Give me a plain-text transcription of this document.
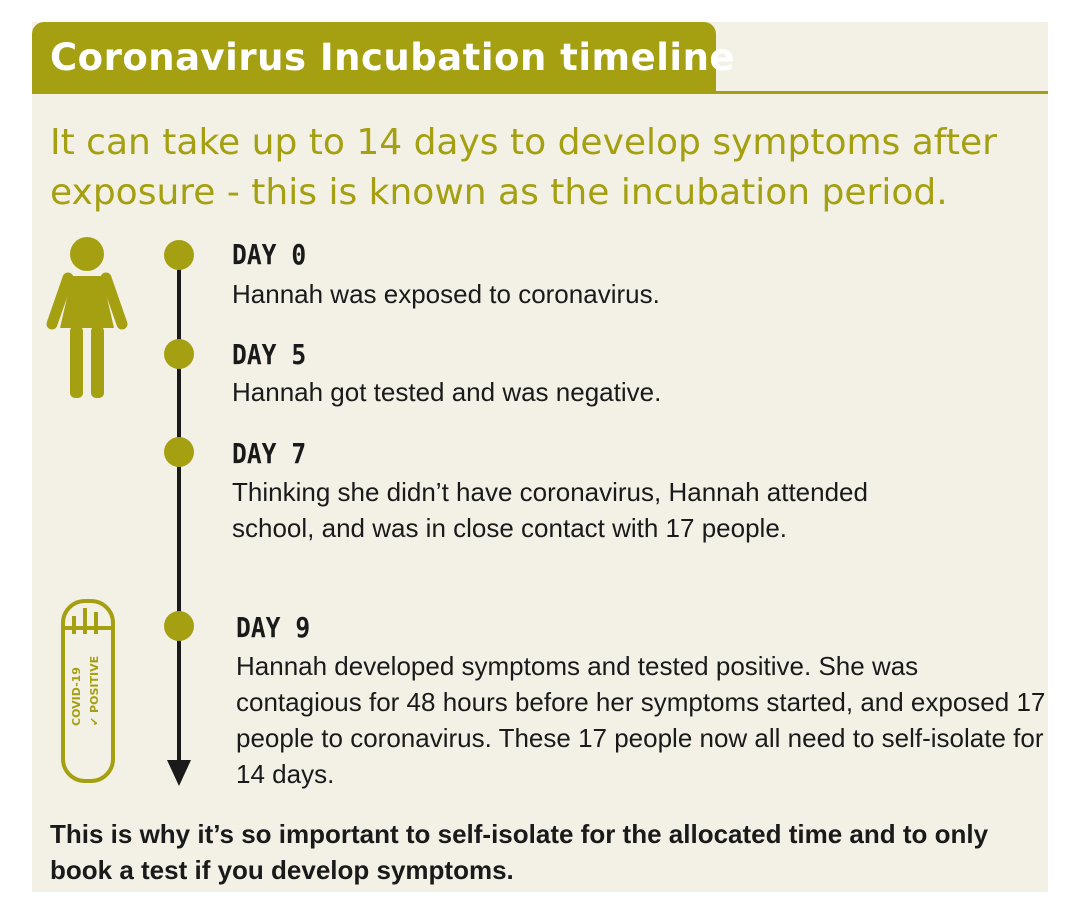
Coronavirus Incubation timeline
It can take up to 14 days to develop symptoms after exposure - this is known as the incubation period.
COVID-19 ✔ POSITIVE
DAY 0
Hannah was exposed to coronavirus.
DAY 5
Hannah got tested and was negative.
DAY 7
Thinking she didn’t have coronavirus, Hannah attended school, and was in close contact with 17 people.
DAY 9
Hannah developed symptoms and tested positive. She was contagious for 48 hours before her symptoms started, and exposed 17 people to coronavirus. These 17 people now all need to self-isolate for 14 days.
This is why it’s so important to self-isolate for the allocated time and to only book a test if you develop symptoms.
